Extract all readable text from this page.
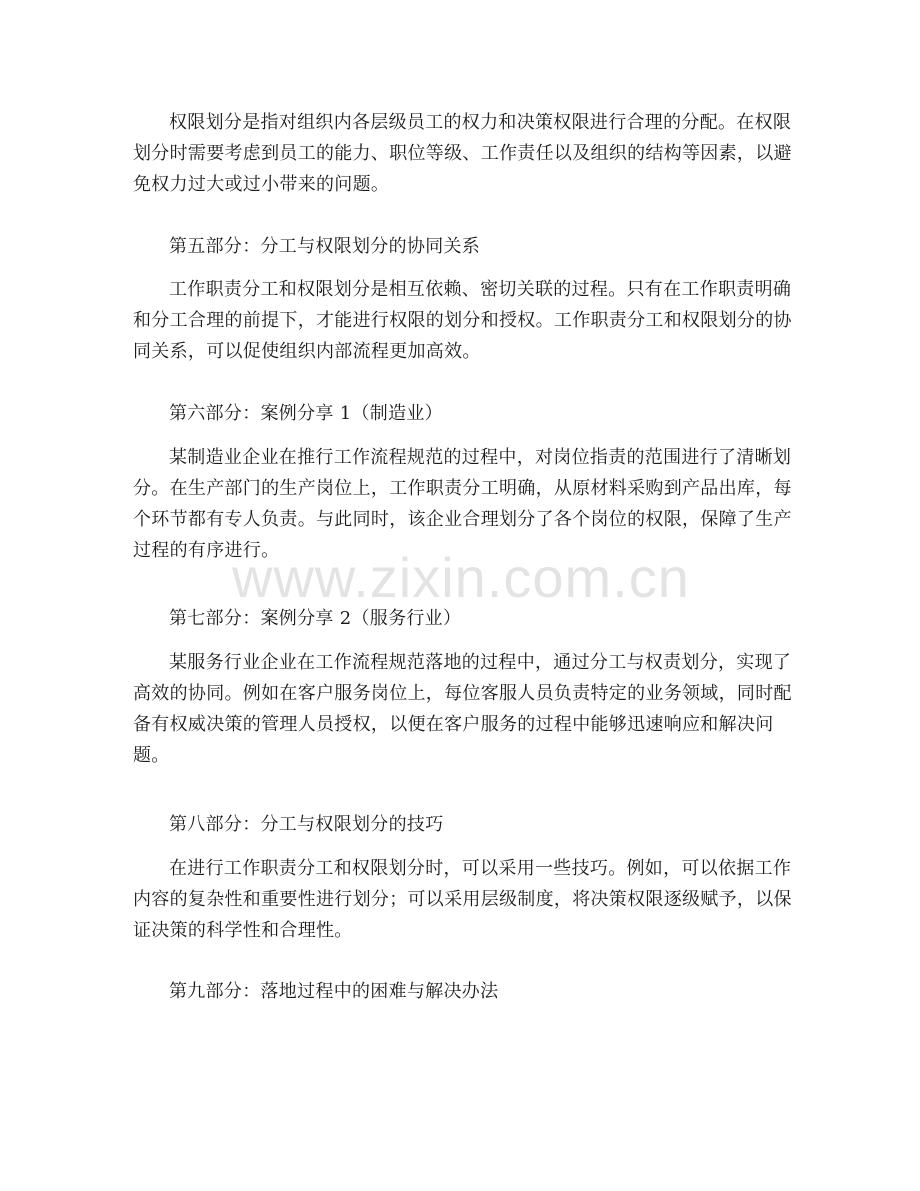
权限划分是指对组织内各层级员工的权力和决策权限进行合理的分配。在权限划分时需要考虑到员工的能力、职位等级、工作责任以及组织的结构等因素，以避免权力过大或过小带来的问题。

第五部分：分工与权限划分的协同关系

工作职责分工和权限划分是相互依赖、密切关联的过程。只有在工作职责明确和分工合理的前提下，才能进行权限的划分和授权。工作职责分工和权限划分的协同关系，可以促使组织内部流程更加高效。

第六部分：案例分享 1（制造业）

某制造业企业在推行工作流程规范的过程中，对岗位指责的范围进行了清晰划分。在生产部门的生产岗位上，工作职责分工明确，从原材料采购到产品出库，每个环节都有专人负责。与此同时，该企业合理划分了各个岗位的权限，保障了生产过程的有序进行。

第七部分：案例分享 2（服务行业）

某服务行业企业在工作流程规范落地的过程中，通过分工与权责划分，实现了高效的协同。例如在客户服务岗位上，每位客服人员负责特定的业务领域，同时配备有权威决策的管理人员授权，以便在客户服务的过程中能够迅速响应和解决问题。

第八部分：分工与权限划分的技巧

在进行工作职责分工和权限划分时，可以采用一些技巧。例如，可以依据工作内容的复杂性和重要性进行划分；可以采用层级制度，将决策权限逐级赋予，以保证决策的科学性和合理性。

第九部分：落地过程中的困难与解决办法

www.zixin.com.cn
